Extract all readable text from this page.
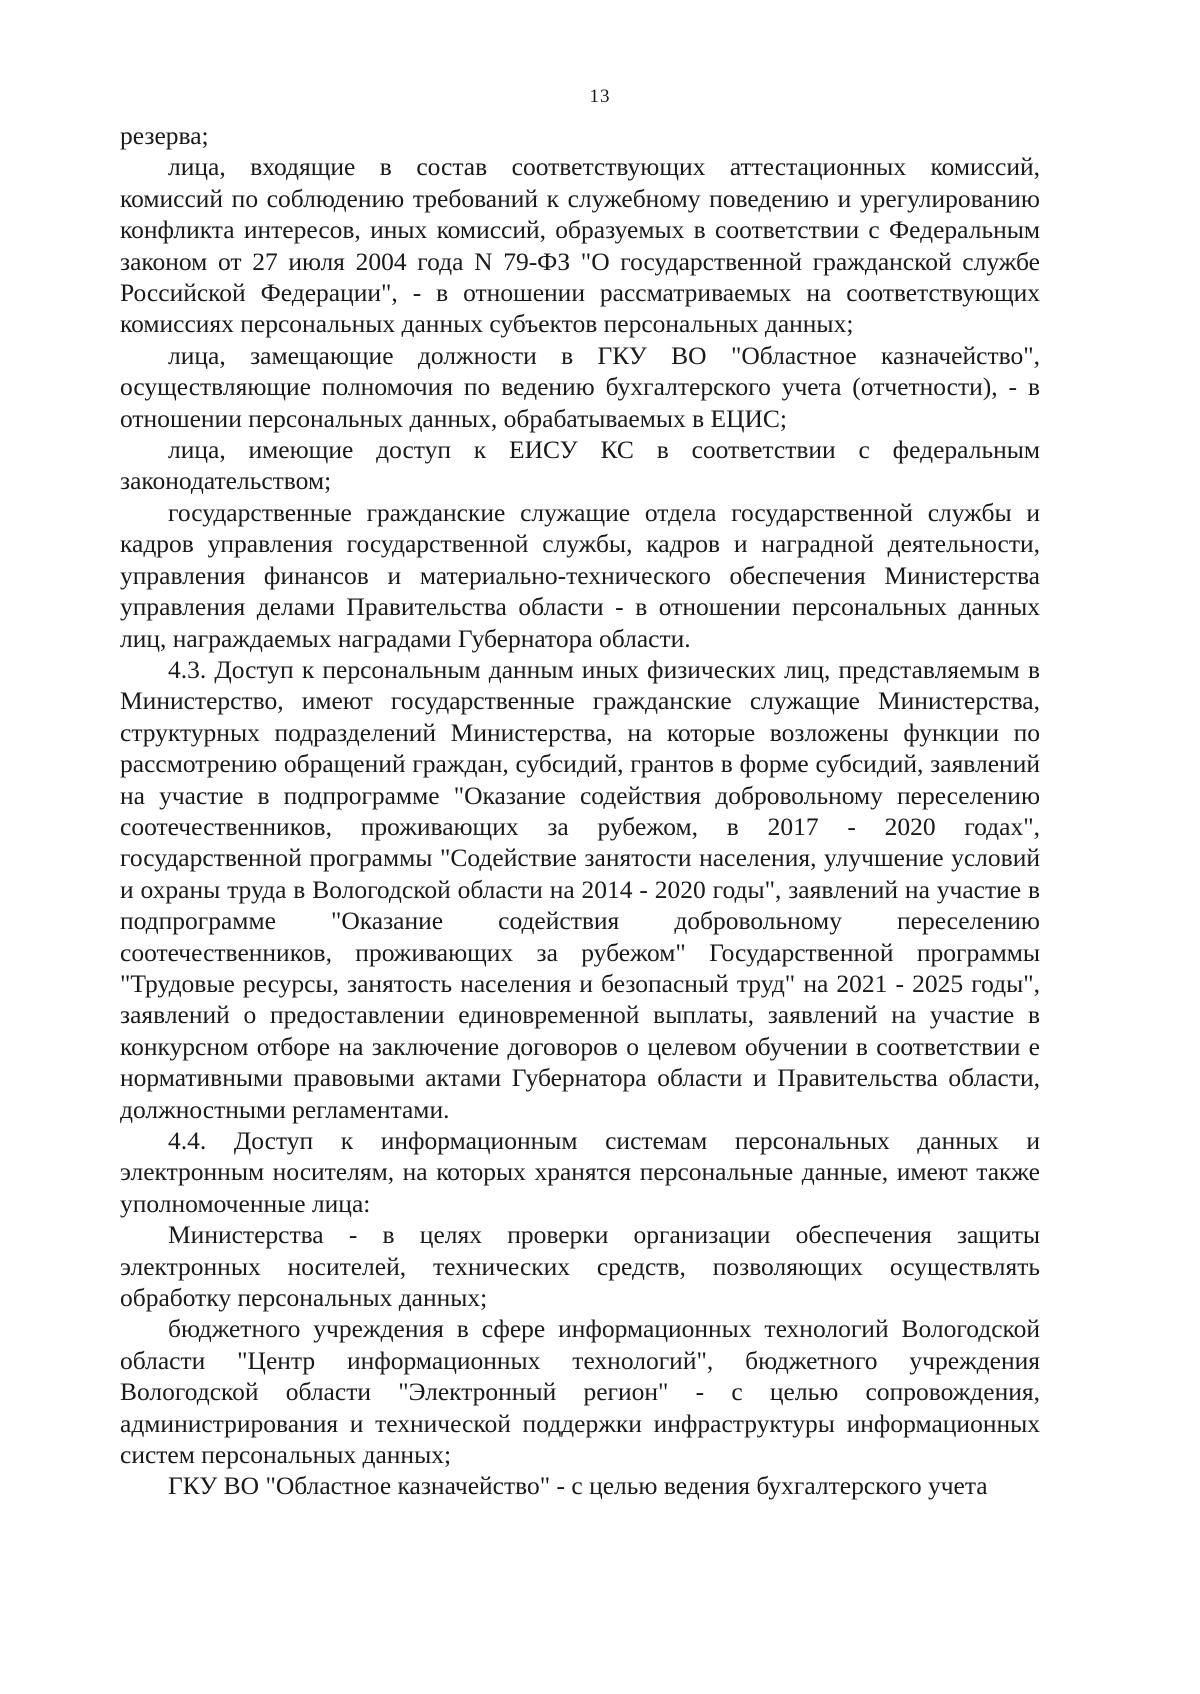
13

резерва;

лица, входящие в состав соответствующих аттестационных комиссий, комиссий по соблюдению требований к служебному поведению и урегулированию конфликта интересов, иных комиссий, образуемых в соответствии с Федеральным законом от 27 июля 2004 года N 79-ФЗ "О государственной гражданской службе Российской Федерации", - в отношении рассматриваемых на соответствующих комиссиях персональных данных субъектов персональных данных;

лица, замещающие должности в ГКУ ВО "Областное казначейство", осуществляющие полномочия по ведению бухгалтерского учета (отчетности), - в отношении персональных данных, обрабатываемых в ЕЦИС;

лица, имеющие доступ к ЕИСУ КС в соответствии с федеральным законодательством;

государственные гражданские служащие отдела государственной службы и кадров управления государственной службы, кадров и наградной деятельности, управления финансов и материально-технического обеспечения Министерства управления делами Правительства области - в отношении персональных данных лиц, награждаемых наградами Губернатора области.

4.3. Доступ к персональным данным иных физических лиц, представляемым в Министерство, имеют государственные гражданские служащие Министерства, структурных подразделений Министерства, на которые возложены функции по рассмотрению обращений граждан, субсидий, грантов в форме субсидий, заявлений на участие в подпрограмме "Оказание содействия добровольному переселению соотечественников, проживающих за рубежом, в 2017 - 2020 годах", государственной программы "Содействие занятости населения, улучшение условий и охраны труда в Вологодской области на 2014 - 2020 годы", заявлений на участие в подпрограмме "Оказание содействия добровольному переселению соотечественников, проживающих за рубежом" Государственной программы "Трудовые ресурсы, занятость населения и безопасный труд" на 2021 - 2025 годы", заявлений о предоставлении единовременной выплаты, заявлений на участие в конкурсном отборе на заключение договоров о целевом обучении в соответствии е нормативными правовыми актами Губернатора области и Правительства области, должностными регламентами.

4.4. Доступ к информационным системам персональных данных и электронным носителям, на которых хранятся персональные данные, имеют также уполномоченные лица:

Министерства - в целях проверки организации обеспечения защиты электронных носителей, технических средств, позволяющих осуществлять обработку персональных данных;

бюджетного учреждения в сфере информационных технологий Вологодской области "Центр информационных технологий", бюджетного учреждения Вологодской области "Электронный регион" - с целью сопровождения, администрирования и технической поддержки инфраструктуры информационных систем персональных данных;

ГКУ ВО "Областное казначейство" - с целью ведения бухгалтерского учета
